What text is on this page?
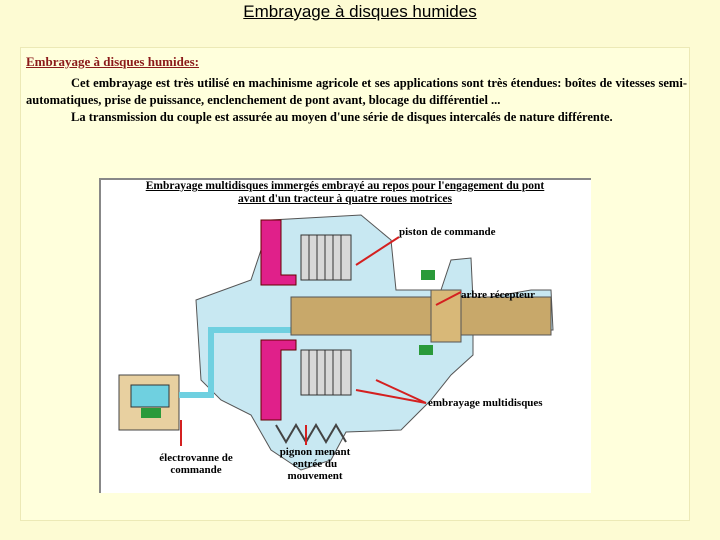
Embrayage à disques humides
Embrayage à disques humides:

Cet embrayage est très utilisé en machinisme agricole et ses applications sont très étendues: boîtes de vitesses semi-automatiques, prise de puissance, enclenchement de pont avant, blocage du différentiel ...

La transmission du couple est assurée au moyen d'une série de disques intercalés de nature différente.

Embrayage multidisques immergés embrayé au repos pour l'engagement du pont
avant d'un tracteur à quatre roues motrices
piston de commande
arbre récepteur
embrayage multidisques
électrovanne de
commande
pignon menant
entrée du
mouvement
